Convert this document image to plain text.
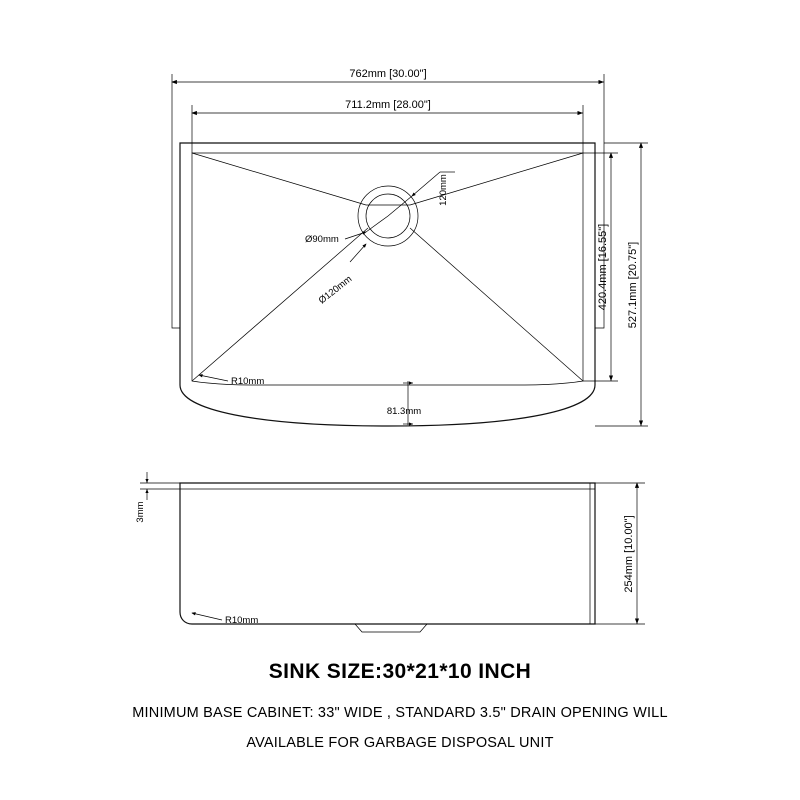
762mm [30.00"]
711.2mm [28.00"]
420.4mm [16.55"] 527.1mm [20.75"]
81.3mm
R10mm
Ø90mm
Ø120mm
120mm
3mm
254mm [10.00"]
R10mm
SINK SIZE:30*21*10 INCH
MINIMUM BASE CABINET: 33" WIDE , STANDARD 3.5" DRAIN OPENING WILL
AVAILABLE FOR GARBAGE DISPOSAL UNIT
